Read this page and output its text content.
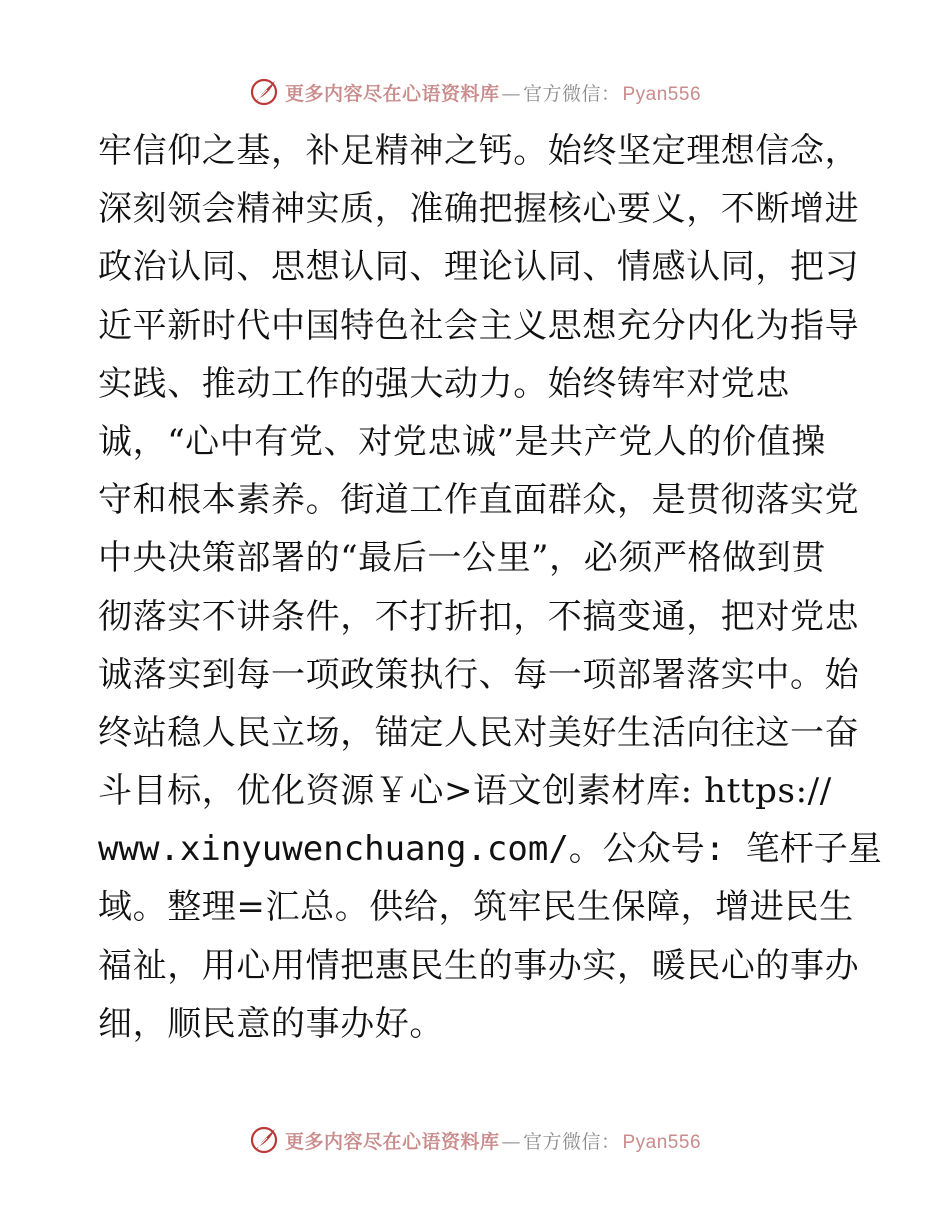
更多内容尽在心语资料库 — 官方微信： Pyan556
牢信仰之基，补足精神之钙。始终坚定理想信念，
深刻领会精神实质，准确把握核心要义，不断增进
政治认同、思想认同、理论认同、情感认同，把习
近平新时代中国特色社会主义思想充分内化为指导
实践、推动工作的强大动力。始终铸牢对党忠
诚，“心中有党、对党忠诚”是共产党人的价值操
守和根本素养。街道工作直面群众，是贯彻落实党
中央决策部署的“最后一公里”，必须严格做到贯
彻落实不讲条件，不打折扣，不搞变通，把对党忠
诚落实到每一项政策执行、每一项部署落实中。始
终站稳人民立场，锚定人民对美好生活向往这一奋
斗目标，优化资源￥心>语文创素材库: https://
www.xinyuwenchuang.com/。公众号: 笔杆子星
域。整理=汇总。供给，筑牢民生保障，增进民生
福祉，用心用情把惠民生的事办实，暖民心的事办
细，顺民意的事办好。
更多内容尽在心语资料库 — 官方微信： Pyan556
